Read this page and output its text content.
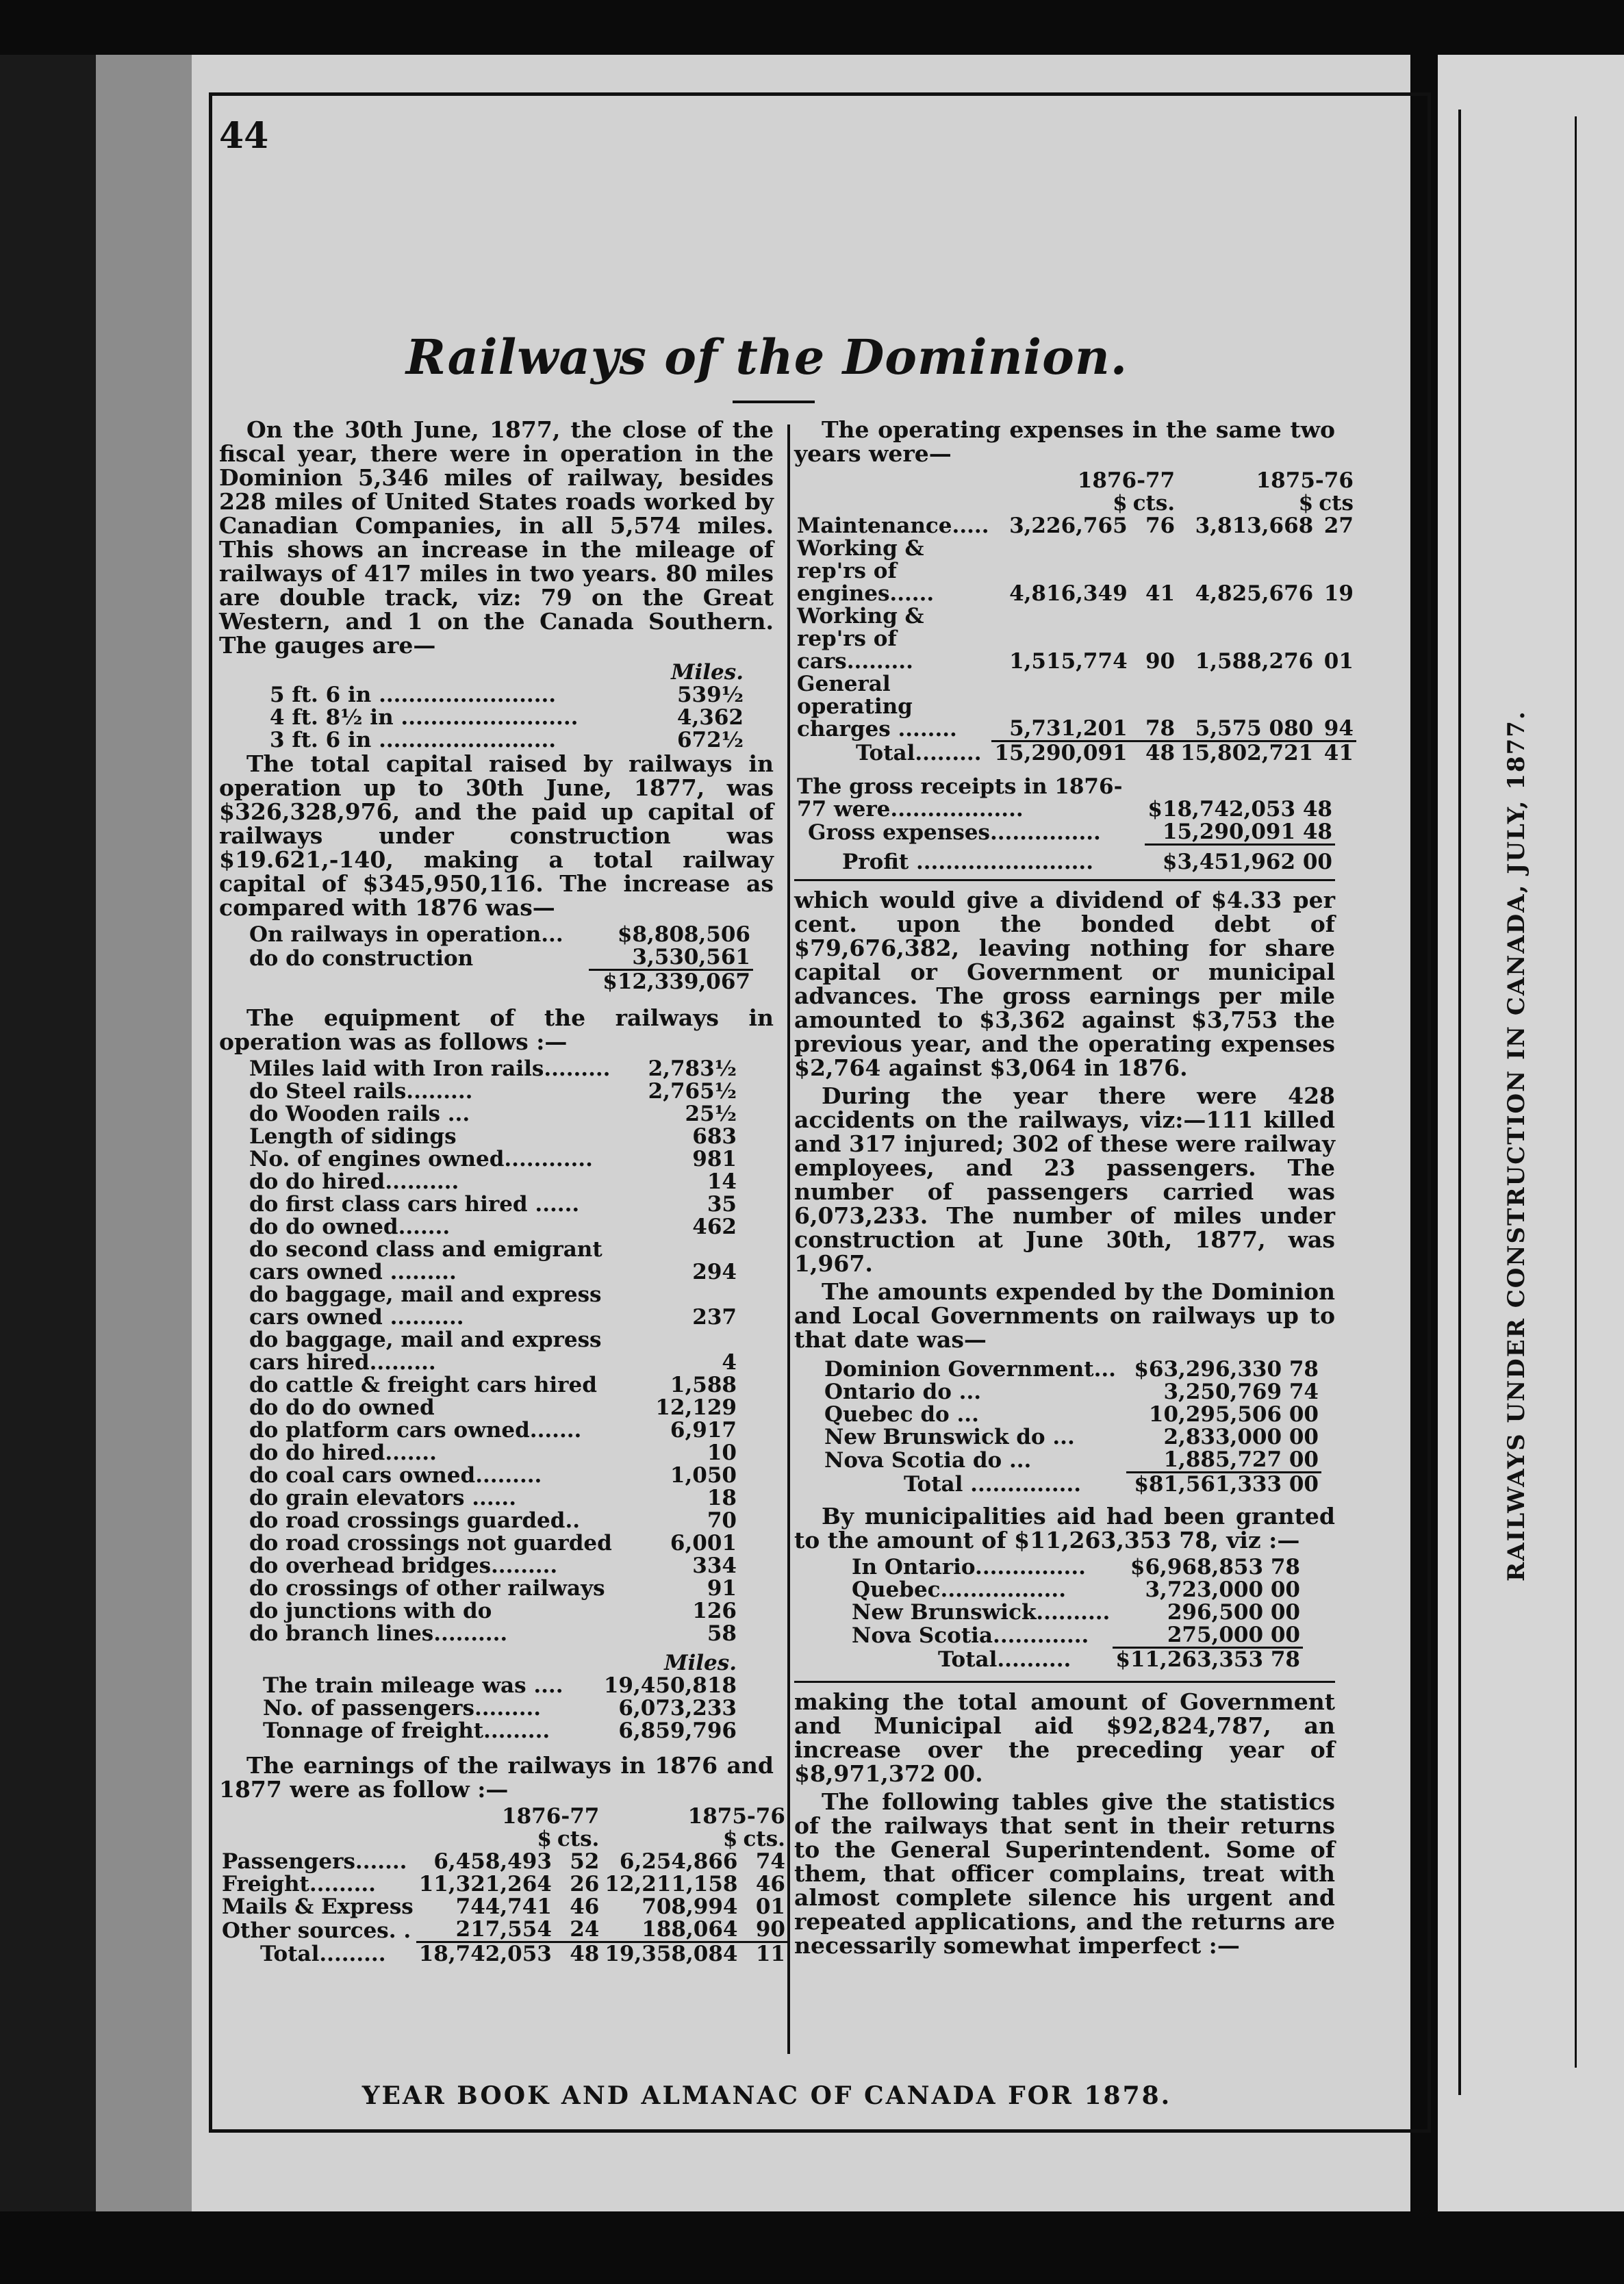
RAILWAYS UNDER CONSTRUCTION IN CANADA, JULY, 1877.
44
Railways of the Dominion.

On the 30th June, 1877, the close of the fiscal year, there were in operation in the Dominion 5,346 miles of railway, besides 228 miles of United States roads worked by Canadian Companies, in all 5,574 miles. This shows an increase in the mileage of railways of 417 miles in two years. 80 miles are double track, viz: 79 on the Great Western, and 1 on the Canada Southern. The gauges are—

	Miles.
5 ft. 6 in ........................	539½
4 ft. 8½ in ........................	4,362
3 ft. 6 in ........................	672½

The total capital raised by railways in operation up to 30th June, 1877, was $326,328,976, and the paid up capital of railways under construction was $19.621,-140, making a total railway capital of $345,950,116. The increase as compared with 1876 was—

On railways in operation...	$8,808,506
do do construction	3,530,561
	$12,339,067

The equipment of the railways in operation was as follows :—

Miles laid with Iron rails.........	2,783½
do Steel rails.........	2,765½
do Wooden rails ...	25½
Length of sidings	683
No. of engines owned............	981
do do hired..........	14
do first class cars hired ......	35
do do owned.......	462
do second class and emigrant cars owned .........	294
do baggage, mail and express cars owned ..........	237
do baggage, mail and express cars hired.........	4
do cattle & freight cars hired	1,588
do do do owned	12,129
do platform cars owned.......	6,917
do do hired.......	10
do coal cars owned.........	1,050
do grain elevators ......	18
do road crossings guarded..	70
do road crossings not guarded	6,001
do overhead bridges.........	334
do crossings of other railways	91
do junctions with do	126
do branch lines..........	58
	Miles.
The train mileage was ....	19,450,818
No. of passengers.........	6,073,233
Tonnage of freight.........	6,859,796

The earnings of the railways in 1876 and 1877 were as follow :—

	1876-77		1875-76	
	$	cts.	$	cts.
Passengers.......	6,458,493	52	6,254,866	74
Freight.........	11,321,264	26	12,211,158	46
Mails & Express	744,741	46	708,994	01
Other sources. .	217,554	24	188,064	90
Total.........	18,742,053	48	19,358,084	11

The operating expenses in the same two years were—

	1876-77		1875-76	
	$	cts.	$	cts
Maintenance.....	3,226,765	76	3,813,668	27
Working & rep'rs of engines......	4,816,349	41	4,825,676	19
Working & rep'rs of cars.........	1,515,774	90	1,588,276	01
General operating charges ........	5,731,201	78	5,575 080	94
Total.........	15,290,091	48	15,802,721	41
The gross receipts in 1876-77 were..................	$18,742,053 48
Gross expenses...............	15,290,091 48
Profit ........................	$3,451,962 00

which would give a dividend of $4.33 per cent. upon the bonded debt of $79,676,382, leaving nothing for share capital or Government or municipal advances. The gross earnings per mile amounted to $3,362 against $3,753 the previous year, and the operating expenses $2,764 against $3,064 in 1876.

During the year there were 428 accidents on the railways, viz:—111 killed and 317 injured; 302 of these were railway employees, and 23 passengers. The number of passengers carried was 6,073,233. The number of miles under construction at June 30th, 1877, was 1,967.

The amounts expended by the Dominion and Local Governments on railways up to that date was—

Dominion Government...	$63,296,330 78
Ontario do ...	3,250,769 74
Quebec do ...	10,295,506 00
New Brunswick do ...	2,833,000 00
Nova Scotia do ...	1,885,727 00
Total ...............	$81,561,333 00

By municipalities aid had been granted to the amount of $11,263,353 78, viz :—

In Ontario...............	$6,968,853 78
Quebec.................	3,723,000 00
New Brunswick..........	296,500 00
Nova Scotia.............	275,000 00
Total..........	$11,263,353 78

making the total amount of Government and Municipal aid $92,824,787, an increase over the preceding year of $8,971,372 00.

The following tables give the statistics of the railways that sent in their returns to the General Superintendent. Some of them, that officer complains, treat with almost complete silence his urgent and repeated applications, and the returns are necessarily somewhat imperfect :—

YEAR BOOK AND ALMANAC OF CANADA FOR 1878.
